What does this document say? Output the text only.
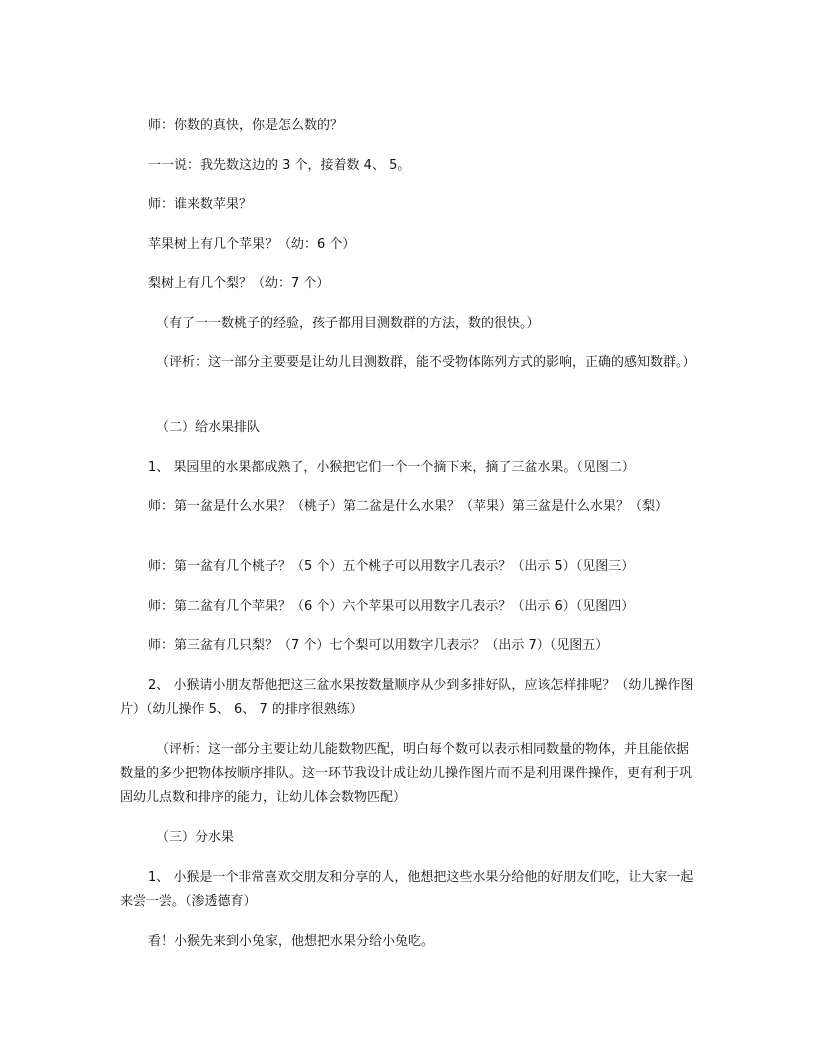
师：你数的真快，你是怎么数的？
一一说：我先数这边的 3 个，接着数 4、 5。
师：谁来数苹果？
苹果树上有几个苹果？（幼：6 个）
梨树上有几个梨？（幼：7 个）
（有了一一数桃子的经验，孩子都用目测数群的方法，数的很快。）
（评析：这一部分主要要是让幼儿目测数群，能不受物体陈列方式的影响，正确的感知数群。）
（二）给水果排队
1、 果园里的水果都成熟了，小猴把它们一个一个摘下来，摘了三盆水果。（见图二）
师：第一盆是什么水果？（桃子）第二盆是什么水果？（苹果）第三盆是什么水果？（梨）
师：第一盆有几个桃子？（5 个）五个桃子可以用数字几表示？（出示 5）（见图三）
师：第二盆有几个苹果？（6 个）六个苹果可以用数字几表示？（出示 6）（见图四）
师：第三盆有几只梨？（7 个）七个梨可以用数字几表示？（出示 7）（见图五）
2、 小猴请小朋友帮他把这三盆水果按数量顺序从少到多排好队，应该怎样排呢？（幼儿操作图片）（幼儿操作 5、 6、 7 的排序很熟练）
（评析：这一部分主要让幼儿能数物匹配，明白每个数可以表示相同数量的物体，并且能依据数量的多少把物体按顺序排队。这一环节我设计成让幼儿操作图片而不是利用课件操作，更有利于巩固幼儿点数和排序的能力，让幼儿体会数物匹配）
（三）分水果
1、 小猴是一个非常喜欢交朋友和分享的人，他想把这些水果分给他的好朋友们吃，让大家一起来尝一尝。（渗透德育）
看！小猴先来到小兔家，他想把水果分给小兔吃。
